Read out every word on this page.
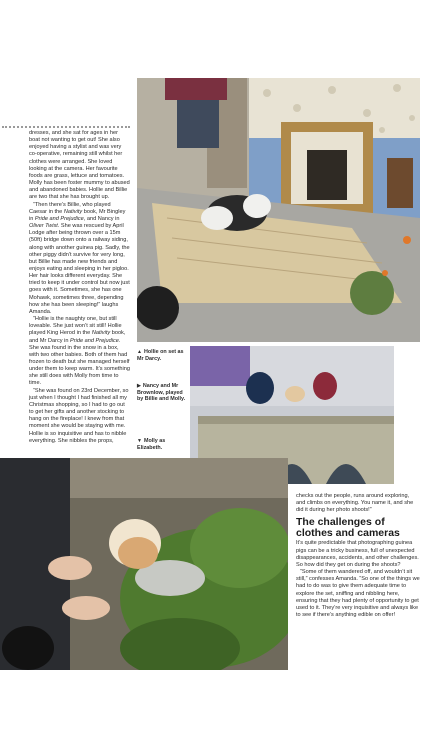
dresses, and she sat for ages in her boat not wanting to get out! She also enjoyed having a stylist and was very co-operative, remaining still whilst her clothes were arranged. She loved looking at the camera. Her favourite foods are grass, lettuce and tomatoes. Molly has been foster mummy to abused and abandoned babies. Hollie and Billie are two that she has brought up.

“Then there’s Billie, who played Caesar in the Nativity book, Mr Bingley in Pride and Prejudice, and Nancy in Oliver Twist. She was rescued by April Lodge after being thrown over a 15m (50ft) bridge down onto a railway siding, along with another guinea pig. Sadly, the other piggy didn’t survive for very long, but Billie has made new friends and enjoys eating and sleeping in her pigloo. Her hair looks different everyday. She tried to keep it under control but now just goes with it. Sometimes, she has one Mohawk, sometimes three, depending how she has been sleeping!” laughs Amanda.

“Hollie is the naughty one, but still loveable. She just won’t sit still! Hollie played King Herod in the Nativity book, and Mr Darcy in Pride and Prejudice. She was found in the snow in a box, with two other babies. Both of them had frozen to death but she managed herself under them to keep warm. It’s something she still does with Molly from time to time.

“She was found on 23rd December, so just when I thought I had finished all my Christmas shopping, so I had to go out to get her gifts and another stocking to hang on the fireplace! I knew from that moment she would be staying with me. Hollie is so inquisitive and has to nibble everything. She nibbles the props,

▲ Hollie on set as Mr Darcy.
▶ Nancy and Mr Brownlow, played by Billie and Molly.
▼ Molly as Elizabeth.

checks out the people, runs around exploring, and climbs on everything. You name it, and she did it during her photo shoots!”

The challenges of clothes and cameras

It’s quite predictable that photographing guinea pigs can be a tricky business, full of unexpected disappearances, accidents, and other challenges. So how did they get on during the shoots?

“Some of them wandered off, and wouldn’t sit still,” confesses Amanda. “So one of the things we had to do was to give them adequate time to explore the set, sniffing and nibbling here, ensuring that they had plenty of opportunity to get used to it. They’re very inquisitive and always like to see if there’s anything edible on offer!
